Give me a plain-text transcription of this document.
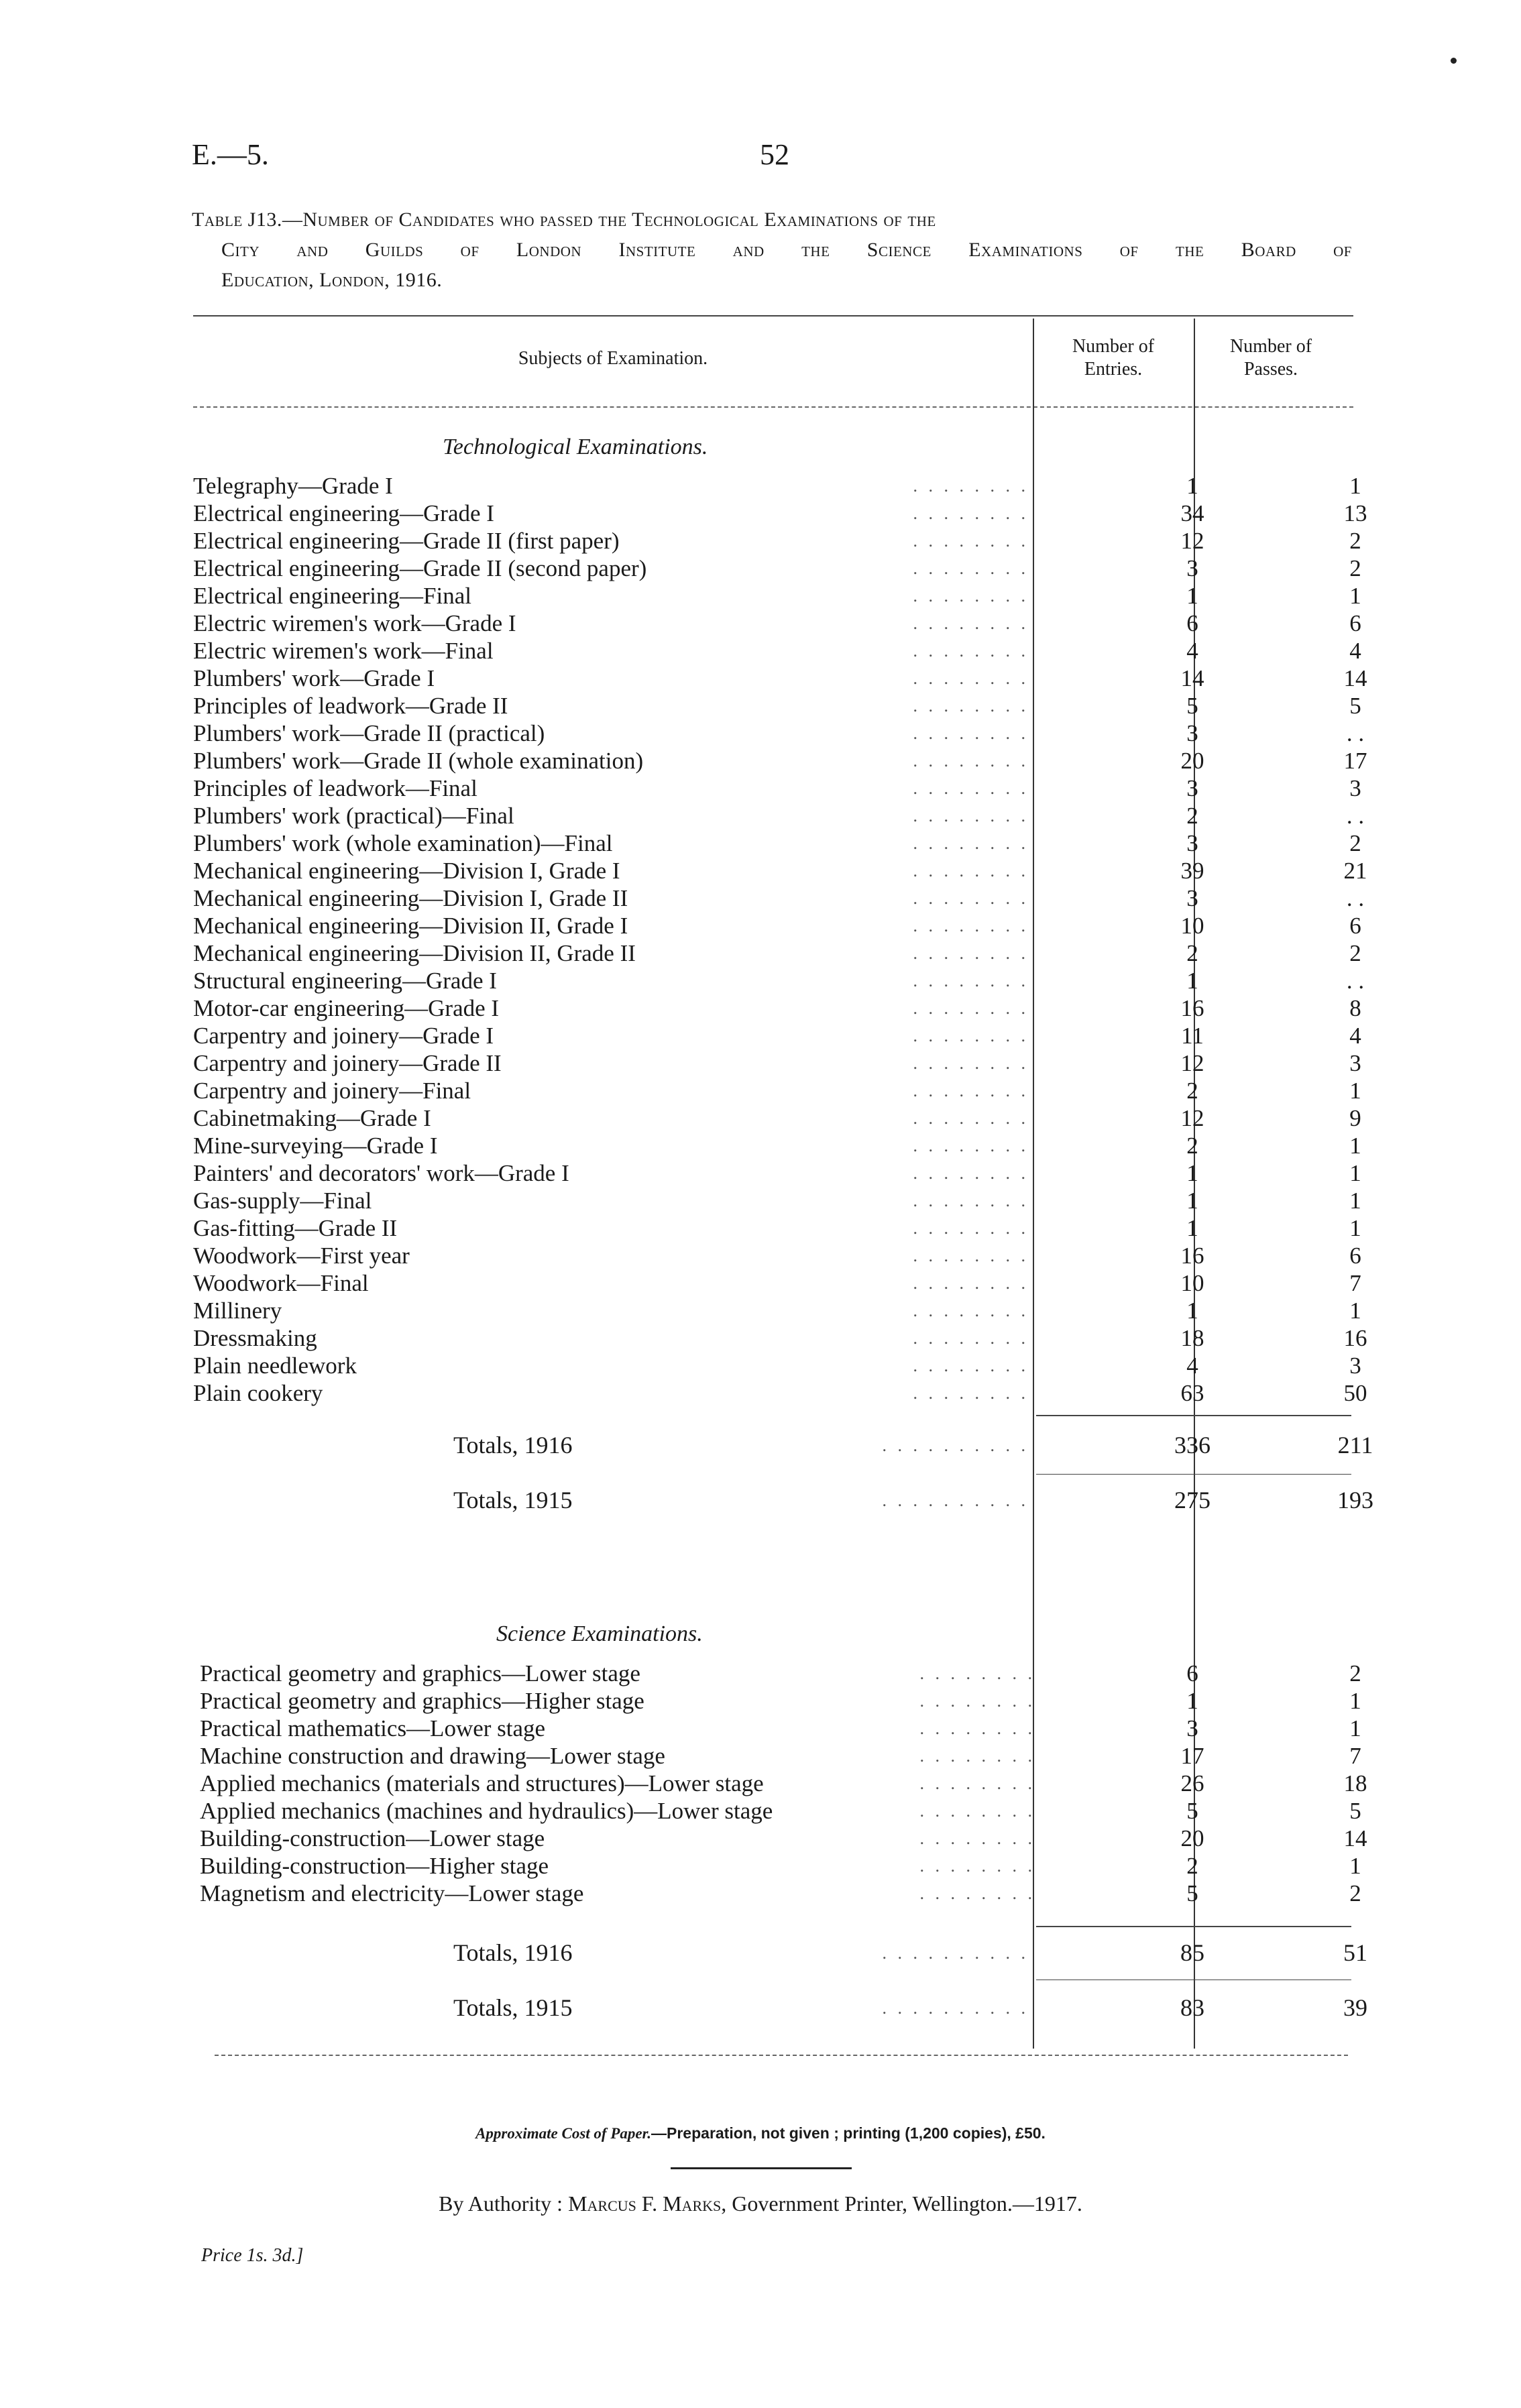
E.—5.	52
Table J13.—Number of Candidates who passed the Technological Examinations of the
City and Guilds of London Institute and the Science Examinations of the Board of
Education, London, 1916.
Subjects of Examination.
Number of Entries.
Number of Passes.
Technological Examinations.
. . . . . . . .
Telegraphy—Grade I	1	1
. . . . . . . .
Electrical engineering—Grade I	34	13
. . . . . . . .
Electrical engineering—Grade II (first paper)	12	2
. . . . . . . .
Electrical engineering—Grade II (second paper)	3	2
. . . . . . . .
Electrical engineering—Final	1	1
. . . . . . . .
Electric wiremen's work—Grade I	6	6
. . . . . . . .
Electric wiremen's work—Final	4	4
. . . . . . . .
Plumbers' work—Grade I	14	14
. . . . . . . .
Principles of leadwork—Grade II	5	5
. . . . . . . .
Plumbers' work—Grade II (practical)	3	. .
. . . . . . . .
Plumbers' work—Grade II (whole examination)	20	17
. . . . . . . .
Principles of leadwork—Final	3	3
. . . . . . . .
Plumbers' work (practical)—Final	2	. .
. . . . . . . .
Plumbers' work (whole examination)—Final	3	2
. . . . . . . .
Mechanical engineering—Division I, Grade I	39	21
. . . . . . . .
Mechanical engineering—Division I, Grade II	3	. .
. . . . . . . .
Mechanical engineering—Division II, Grade I	10	6
. . . . . . . .
Mechanical engineering—Division II, Grade II	2	2
. . . . . . . .
Structural engineering—Grade I	1	. .
. . . . . . . .
Motor-car engineering—Grade I	16	8
. . . . . . . .
Carpentry and joinery—Grade I	11	4
. . . . . . . .
Carpentry and joinery—Grade II	12	3
. . . . . . . .
Carpentry and joinery—Final	2	1
. . . . . . . .
Cabinetmaking—Grade I	12	9
. . . . . . . .
Mine-surveying—Grade I	2	1
. . . . . . . .
Painters' and decorators' work—Grade I	1	1
. . . . . . . .
Gas-supply—Final	1	1
. . . . . . . .
Gas-fitting—Grade II	1	1
. . . . . . . .
Woodwork—First year	16	6
. . . . . . . .
Woodwork—Final	10	7
. . . . . . . .
Millinery	1	1
. . . . . . . .
Dressmaking	18	16
. . . . . . . .
Plain needlework	4	3
. . . . . . . .
Plain cookery	63	50
. . . . . . . . . .
Totals, 1916	336	211
. . . . . . . . . .
Totals, 1915	275	193
Science Examinations.
. . . . . . . .
Practical geometry and graphics—Lower stage	6	2
. . . . . . . .
Practical geometry and graphics—Higher stage	1	1
. . . . . . . .
Practical mathematics—Lower stage	3	1
. . . . . . . .
Machine construction and drawing—Lower stage	17	7
. . . . . . . .
Applied mechanics (materials and structures)—Lower stage	26	18
. . . . . . . .
Applied mechanics (machines and hydraulics)—Lower stage	5	5
. . . . . . . .
Building-construction—Lower stage	20	14
. . . . . . . .
Building-construction—Higher stage	2	1
. . . . . . . .
Magnetism and electricity—Lower stage	5	2
. . . . . . . . . .
Totals, 1916	85	51
. . . . . . . . . .
Totals, 1915	83	39
Approximate Cost of Paper.—Preparation, not given ; printing (1,200 copies), £50.
By Authority : Marcus F. Marks, Government Printer, Wellington.—1917.
Price 1s. 3d.]
